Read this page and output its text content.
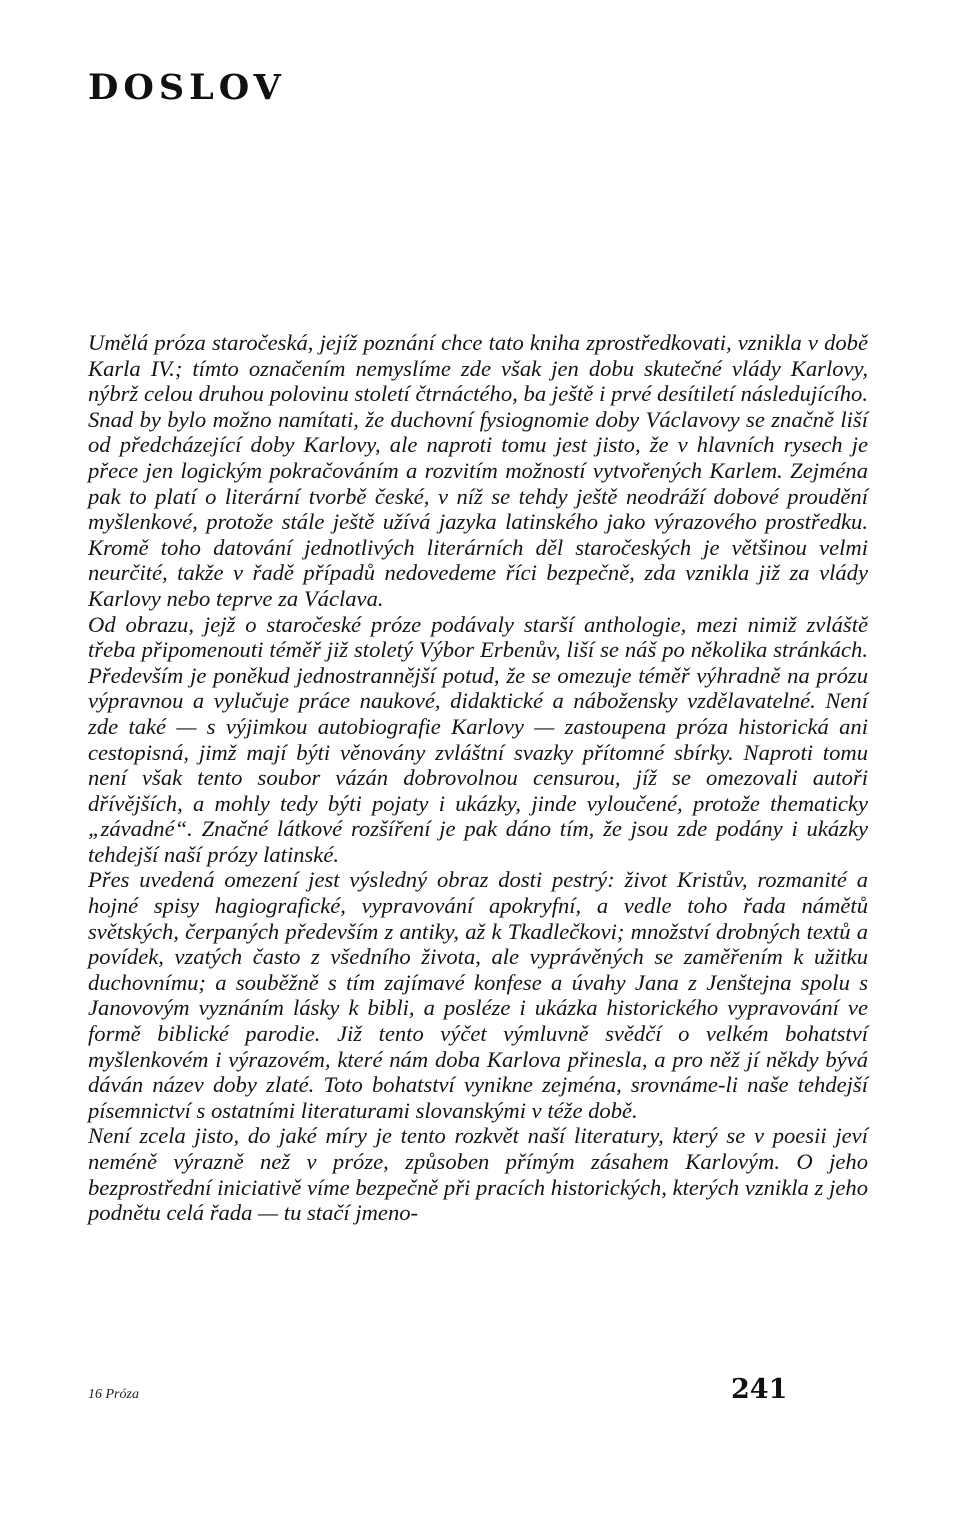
DOSLOV

Umělá próza staročeská, jejíž poznání chce tato kniha zprostředkovati, vznikla v době Karla IV.; tímto označením nemyslíme zde však jen dobu skutečné vlády Karlovy, nýbrž celou druhou polovinu století čtrnáctého, ba ještě i prvé desítiletí následujícího. Snad by bylo možno namítati, že duchovní fysiognomie doby Václavovy se značně liší od předcházející doby Karlovy, ale naproti tomu jest jisto, že v hlavních rysech je přece jen logickým pokračováním a rozvitím možností vytvořených Karlem. Zejména pak to platí o literární tvorbě české, v níž se tehdy ještě neodráží dobové proudění myšlenkové, protože stále ještě užívá jazyka latinského jako výrazového prostředku. Kromě toho datování jednotlivých literárních děl staročeských je většinou velmi neurčité, takže v řadě případů nedovedeme říci bezpečně, zda vznikla již za vlády Karlovy nebo teprve za Václava.

Od obrazu, jejž o staročeské próze podávaly starší anthologie, mezi nimiž zvláště třeba připomenouti téměř již stoletý Výbor Erbenův, liší se náš po několika stránkách. Především je poněkud jednostrannější potud, že se omezuje téměř výhradně na prózu výpravnou a vylučuje práce naukové, didaktické a nábožensky vzdělavatelné. Není zde také — s výjimkou autobiografie Karlovy — zastoupena próza historická ani cestopisná, jimž mají býti věnovány zvláštní svazky přítomné sbírky. Naproti tomu není však tento soubor vázán dobrovolnou censurou, jíž se omezovali autoři dřívějších, a mohly tedy býti pojaty i ukázky, jinde vyloučené, protože thematicky „závadné“. Značné látkové rozšíření je pak dáno tím, že jsou zde podány i ukázky tehdejší naší prózy latinské.

Přes uvedená omezení jest výsledný obraz dosti pestrý: život Kristův, rozmanité a hojné spisy hagiografické, vypravování apokryfní, a vedle toho řada námětů světských, čerpaných především z antiky, až k Tkadlečkovi; množství drobných textů a povídek, vzatých často z všedního života, ale vyprávěných se zaměřením k užitku duchovnímu; a souběžně s tím zajímavé konfese a úvahy Jana z Jenštejna spolu s Janovovým vyznáním lásky k bibli, a posléze i ukázka historického vypravování ve formě biblické parodie. Již tento výčet výmluvně svědčí o velkém bohatství myšlenkovém i výrazovém, které nám doba Karlova přinesla, a pro něž jí někdy bývá dáván název doby zlaté. Toto bohatství vynikne zejména, srovnáme-li naše tehdejší písemnictví s ostatními literaturami slovanskými v téže době.

Není zcela jisto, do jaké míry je tento rozkvět naší literatury, který se v poesii jeví neméně výrazně než v próze, způsoben přímým zásahem Karlovým. O jeho bezprostřední iniciativě víme bezpečně při pracích historických, kterých vznikla z jeho podnětu celá řada — tu stačí jmeno-

16 Próza	241
